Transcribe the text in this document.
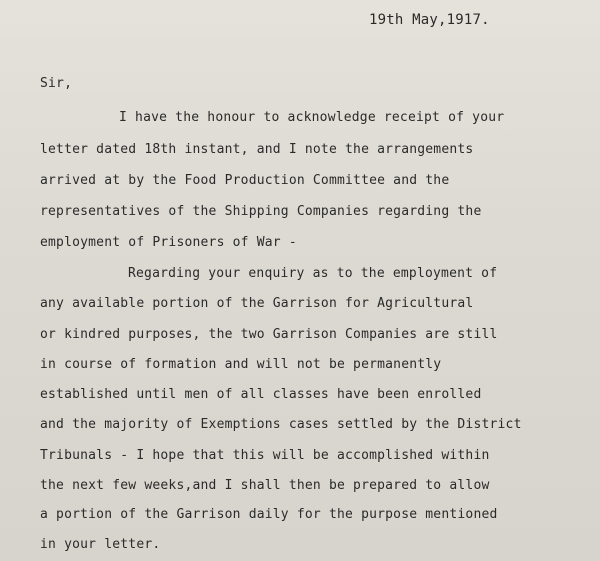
19th May,1917.
Sir,
I have the honour to acknowledge receipt of your
letter dated 18th instant, and I note the arrangements
arrived at by the Food Production Committee and the
representatives of the Shipping Companies regarding the
employment of Prisoners of War -
Regarding your enquiry as to the employment of
any available portion of the Garrison for Agricultural
or kindred purposes, the two Garrison Companies are still
in course of formation and will not be permanently
established until men of all classes have been enrolled
and the majority of Exemptions cases settled by the District
Tribunals - I hope that this will be accomplished within
the next few weeks,and I shall then be prepared to allow
a portion of the Garrison daily for the purpose mentioned
in your letter.
